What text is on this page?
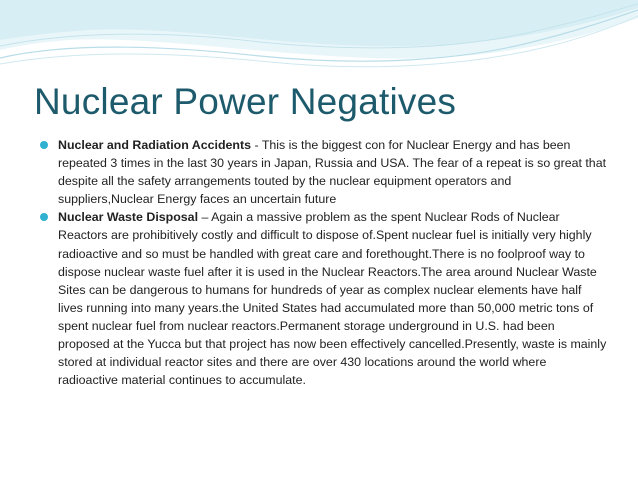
Nuclear Power Negatives
Nuclear and Radiation Accidents - This is the biggest con for Nuclear Energy and has been repeated 3 times in the last 30 years in Japan, Russia and USA. The fear of a repeat is so great that despite all the safety arrangements touted by the nuclear equipment operators and suppliers,Nuclear Energy faces an uncertain future
Nuclear Waste Disposal – Again a massive problem as the spent Nuclear Rods of Nuclear Reactors are prohibitively costly and difficult to dispose of.Spent nuclear fuel is initially very highly radioactive and so must be handled with great care and forethought.There is no foolproof way to dispose nuclear waste fuel after it is used in the Nuclear Reactors.The area around Nuclear Waste Sites can be dangerous to humans for hundreds of year as complex nuclear elements have half lives running into many years.the United States had accumulated more than 50,000 metric tons of spent nuclear fuel from nuclear reactors.Permanent storage underground in U.S. had been proposed at the Yucca but that project has now been effectively cancelled.Presently, waste is mainly stored at individual reactor sites and there are over 430 locations around the world where radioactive material continues to accumulate.
